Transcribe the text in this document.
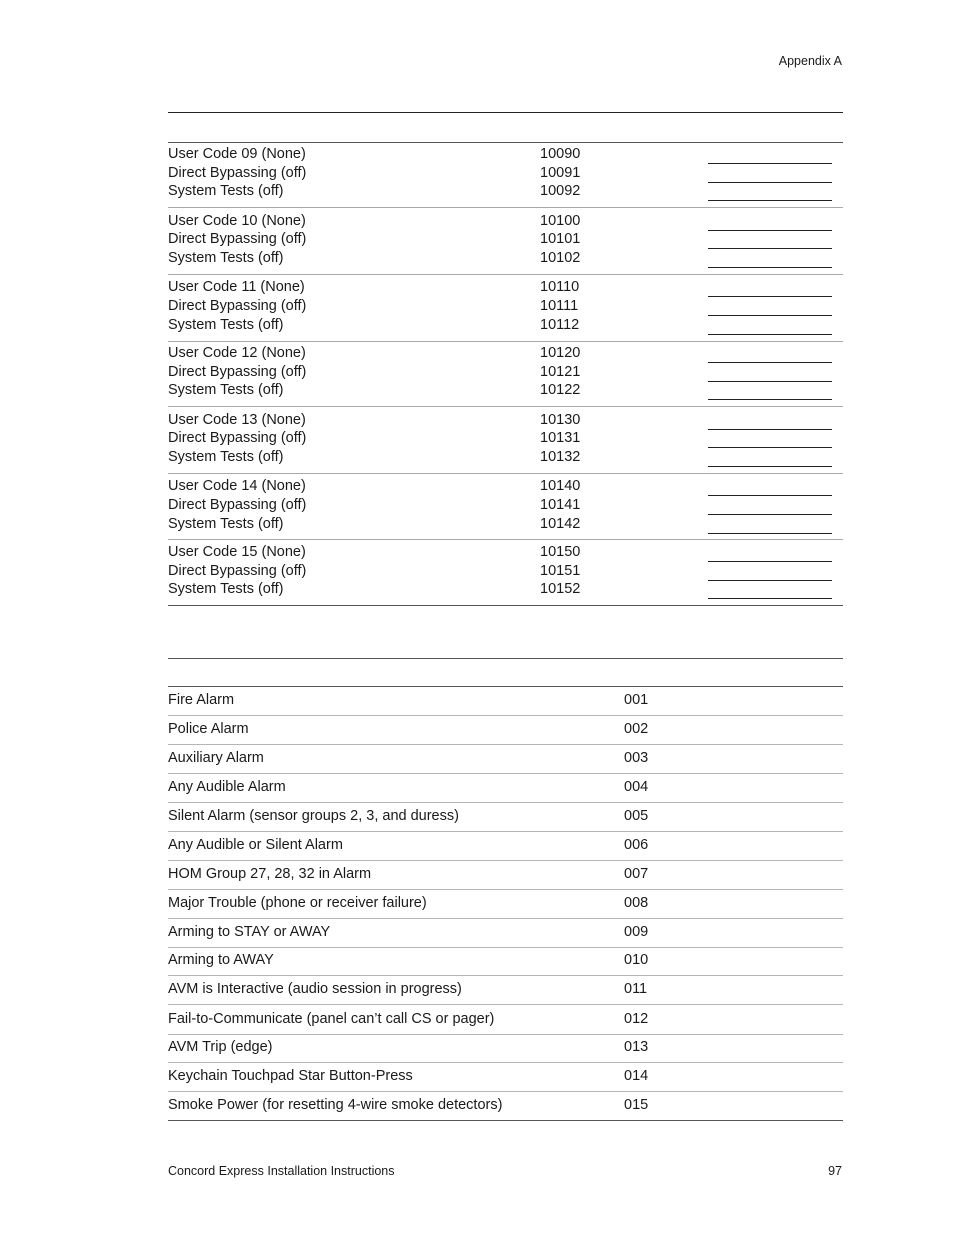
Appendix A
User Code 09 (None)	10090
Direct Bypassing (off)	10091
System Tests (off)	10092
User Code 10 (None)	10100
Direct Bypassing (off)	10101
System Tests (off)	10102
User Code 11 (None)	10110
Direct Bypassing (off)	10111
System Tests (off)	10112
User Code 12 (None)	10120
Direct Bypassing (off)	10121
System Tests (off)	10122
User Code 13 (None)	10130
Direct Bypassing (off)	10131
System Tests (off)	10132
User Code 14 (None)	10140
Direct Bypassing (off)	10141
System Tests (off)	10142
User Code 15 (None)	10150
Direct Bypassing (off)	10151
System Tests (off)	10152
Fire Alarm	001
Police Alarm	002
Auxiliary Alarm	003
Any Audible Alarm	004
Silent Alarm (sensor groups 2, 3, and duress)	005
Any Audible or Silent Alarm	006
HOM Group 27, 28, 32 in Alarm	007
Major Trouble (phone or receiver failure)	008
Arming to STAY or AWAY	009
Arming to AWAY	010
AVM is Interactive (audio session in progress)	011
Fail-to-Communicate (panel can’t call CS or pager)	012
AVM Trip (edge)	013
Keychain Touchpad Star Button-Press	014
Smoke Power (for resetting 4-wire smoke detectors)	015
Concord Express Installation Instructions	97
